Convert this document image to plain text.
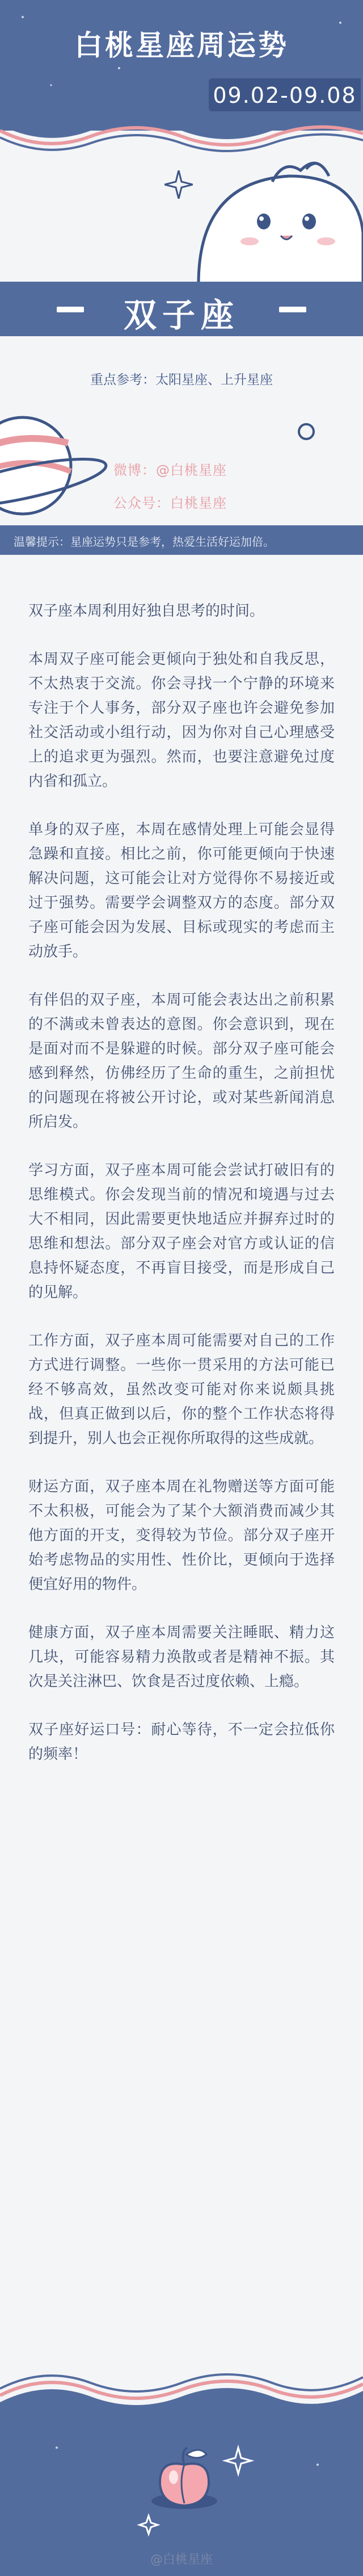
白桃星座周运势
09.02-09.08
双子座
重点参考：太阳星座、上升星座
微博：@白桃星座
公众号：白桃星座
温馨提示：星座运势只是参考，热爱生活好运加倍。

双子座本周利用好独自思考的时间。

本周双子座可能会更倾向于独处和自我反思，不太热衷于交流。你会寻找一个宁静的环境来专注于个人事务，部分双子座也许会避免参加社交活动或小组行动，因为你对自己心理感受上的追求更为强烈。然而，也要注意避免过度内省和孤立。

单身的双子座，本周在感情处理上可能会显得急躁和直接。相比之前，你可能更倾向于快速解决问题，这可能会让对方觉得你不易接近或过于强势。需要学会调整双方的态度。部分双子座可能会因为发展、目标或现实的考虑而主动放手。

有伴侣的双子座，本周可能会表达出之前积累的不满或未曾表达的意图。你会意识到，现在是面对而不是躲避的时候。部分双子座可能会感到释然，仿佛经历了生命的重生，之前担忧的问题现在将被公开讨论，或对某些新闻消息所启发。

学习方面，双子座本周可能会尝试打破旧有的思维模式。你会发现当前的情况和境遇与过去大不相同，因此需要更快地适应并摒弃过时的思维和想法。部分双子座会对官方或认证的信息持怀疑态度，不再盲目接受，而是形成自己的见解。

工作方面，双子座本周可能需要对自己的工作方式进行调整。一些你一贯采用的方法可能已经不够高效，虽然改变可能对你来说颇具挑战，但真正做到以后，你的整个工作状态将得到提升，别人也会正视你所取得的这些成就。

财运方面，双子座本周在礼物赠送等方面可能不太积极，可能会为了某个大额消费而减少其他方面的开支，变得较为节俭。部分双子座开始考虑物品的实用性、性价比，更倾向于选择便宜好用的物件。

健康方面，双子座本周需要关注睡眠、精力这几块，可能容易精力涣散或者是精神不振。其次是关注淋巴、饮食是否过度依赖、上瘾。

双子座好运口号：耐心等待，不一定会拉低你的频率！

@白桃星座
